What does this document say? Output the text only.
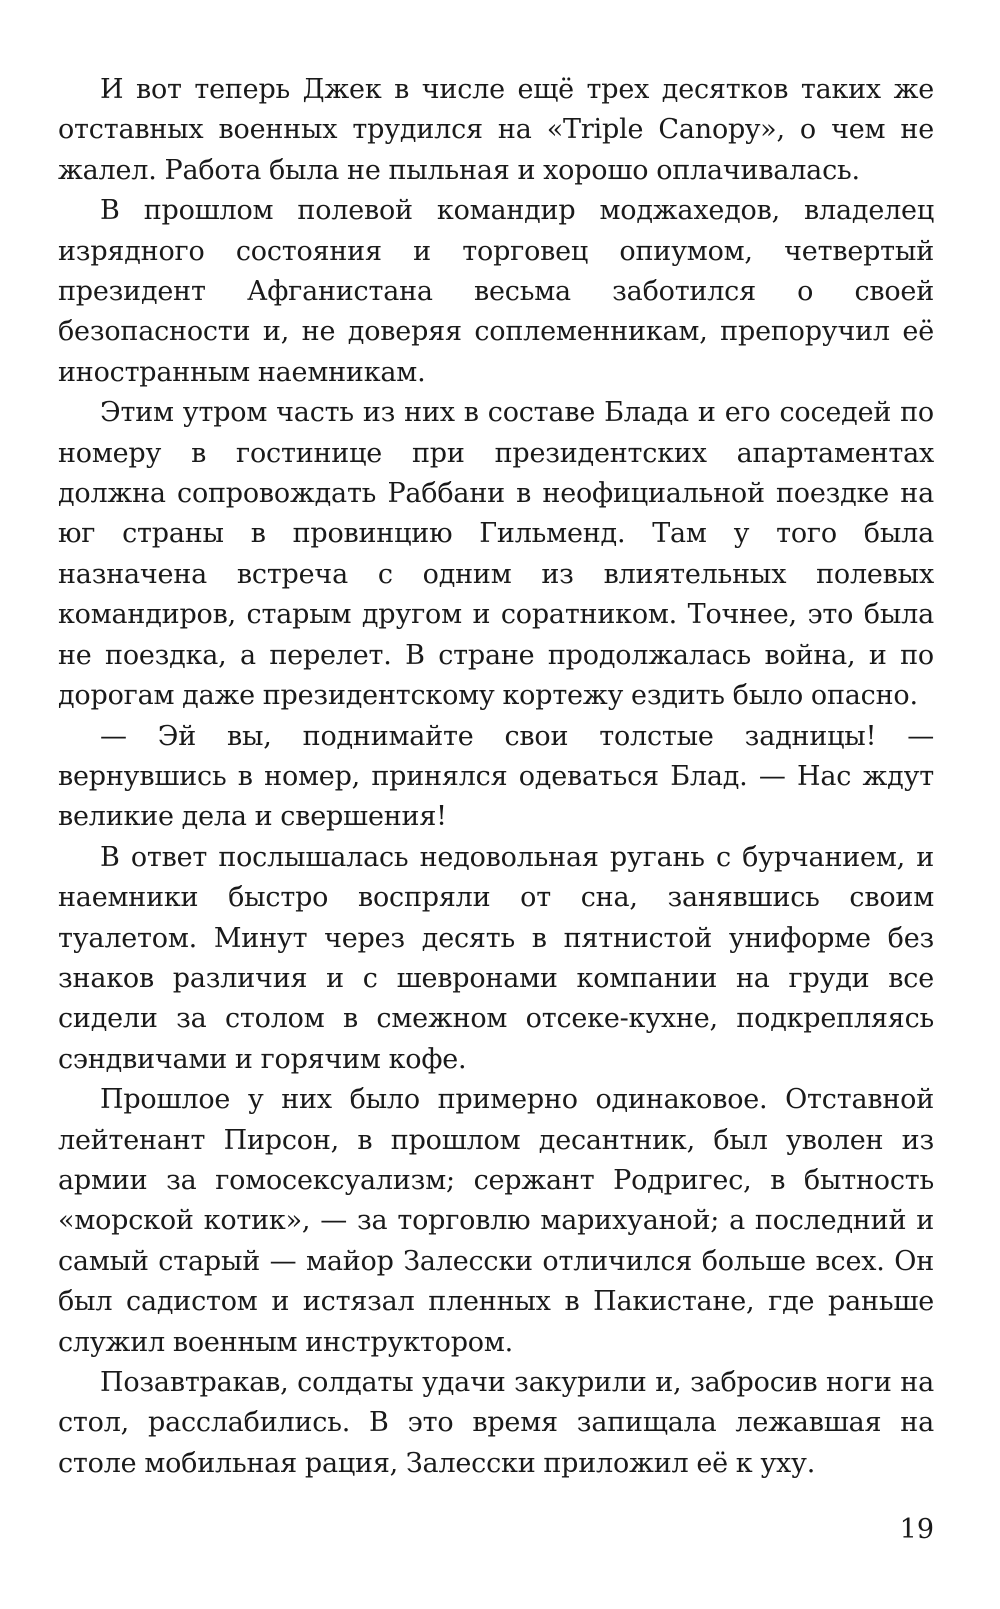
И вот теперь Джек в числе ещё трех десятков таких же отставных военных трудился на «Triple Canopy», о чем не жалел. Работа была не пыльная и хорошо оплачивалась.

В прошлом полевой командир моджахедов, владелец изрядного состояния и торговец опиумом, четвертый президент Афганистана весьма заботился о своей безопасности и, не доверяя соплеменникам, препоручил её иностранным наемникам.

Этим утром часть из них в составе Блада и его соседей по номеру в гостинице при президентских апартаментах должна сопровождать Раббани в неофициальной поездке на юг страны в провинцию Гильменд. Там у того была назначена встреча с одним из влиятельных полевых командиров, старым другом и соратником. Точнее, это была не поездка, а перелет. В стране продолжалась война, и по дорогам даже президентскому кортежу ездить было опасно.

— Эй вы, поднимайте свои толстые задницы! — вернувшись в номер, принялся одеваться Блад. — Нас ждут великие дела и свершения!

В ответ послышалась недовольная ругань с бурчанием, и наемники быстро воспряли от сна, занявшись своим туалетом. Минут через десять в пятнистой униформе без знаков различия и с шевронами компании на груди все сидели за столом в смежном отсеке-кухне, подкрепляясь сэндвичами и горячим кофе.

Прошлое у них было примерно одинаковое. Отставной лейтенант Пирсон, в прошлом десантник, был уволен из армии за гомосексуализм; сержант Родригес, в бытность «морской котик», — за торговлю марихуаной; а последний и самый старый — майор Залесски отличился больше всех. Он был садистом и истязал пленных в Пакистане, где раньше служил военным инструктором.

Позавтракав, солдаты удачи закурили и, забросив ноги на стол, расслабились. В это время запищала лежавшая на столе мобильная рация, Залесски приложил её к уху.

19
